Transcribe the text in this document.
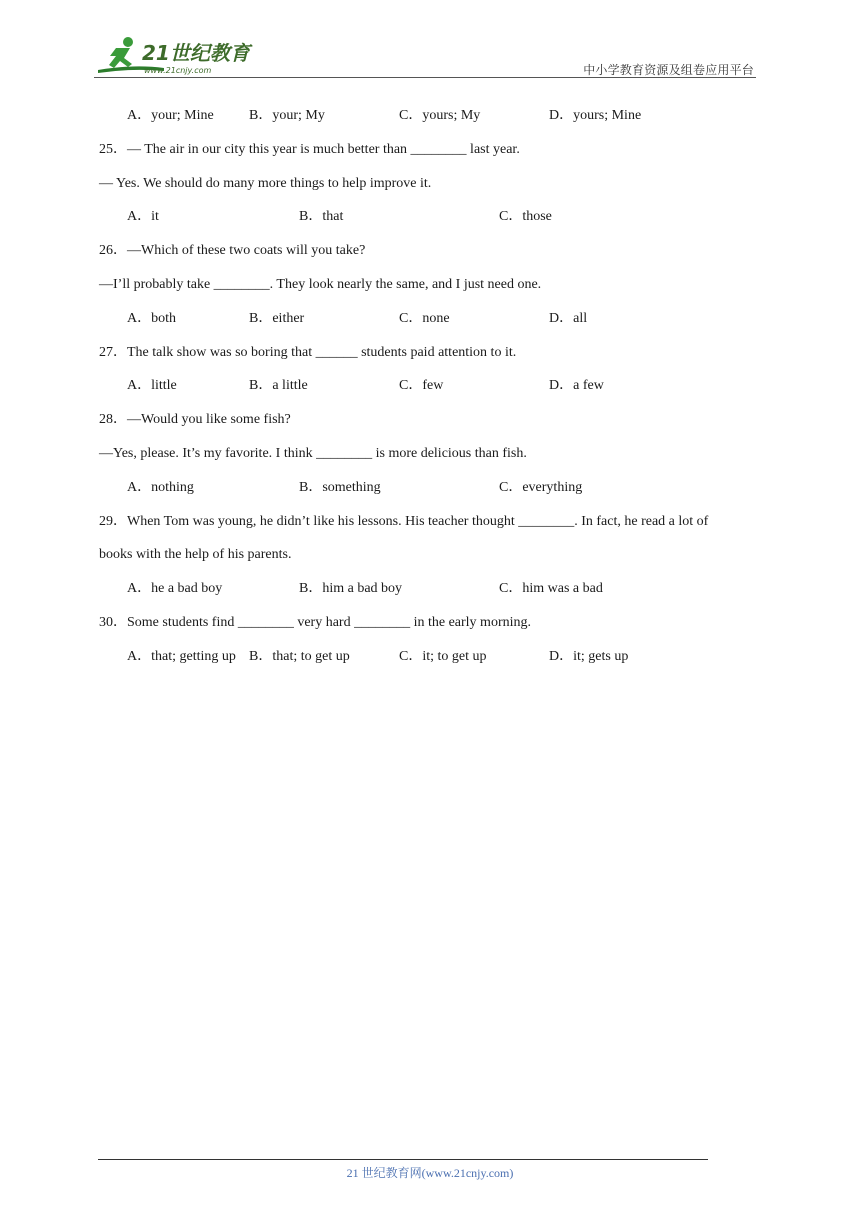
21世纪教育
www.21cnjy.com	中小学教育资源及组卷应用平台
A．your; Mine	B．your; My	C．yours; My	D．yours; Mine
25．— The air in our city this year is much better than ________ last year.
— Yes. We should do many more things to help improve it.
A．it	B．that	C．those
26．—Which of these two coats will you take?
—I’ll probably take ________. They look nearly the same, and I just need one.
A．both	B．either	C．none	D．all
27．The talk show was so boring that ______ students paid attention to it.
A．little	B．a little	C．few	D．a few
28．—Would you like some fish?
—Yes, please. It’s my favorite. I think ________ is more delicious than fish.
A．nothing	B．something	C．everything
29．When Tom was young, he didn’t like his lessons. His teacher thought ________. In fact, he read a lot of
books with the help of his parents.
A．he a bad boy	B．him a bad boy	C．him was a bad
30．Some students find ________ very hard ________ in the early morning.
A．that; getting up B．that; to get up	C．it; to get up	D．it; gets up
21 世纪教育网(www.21cnjy.com)
